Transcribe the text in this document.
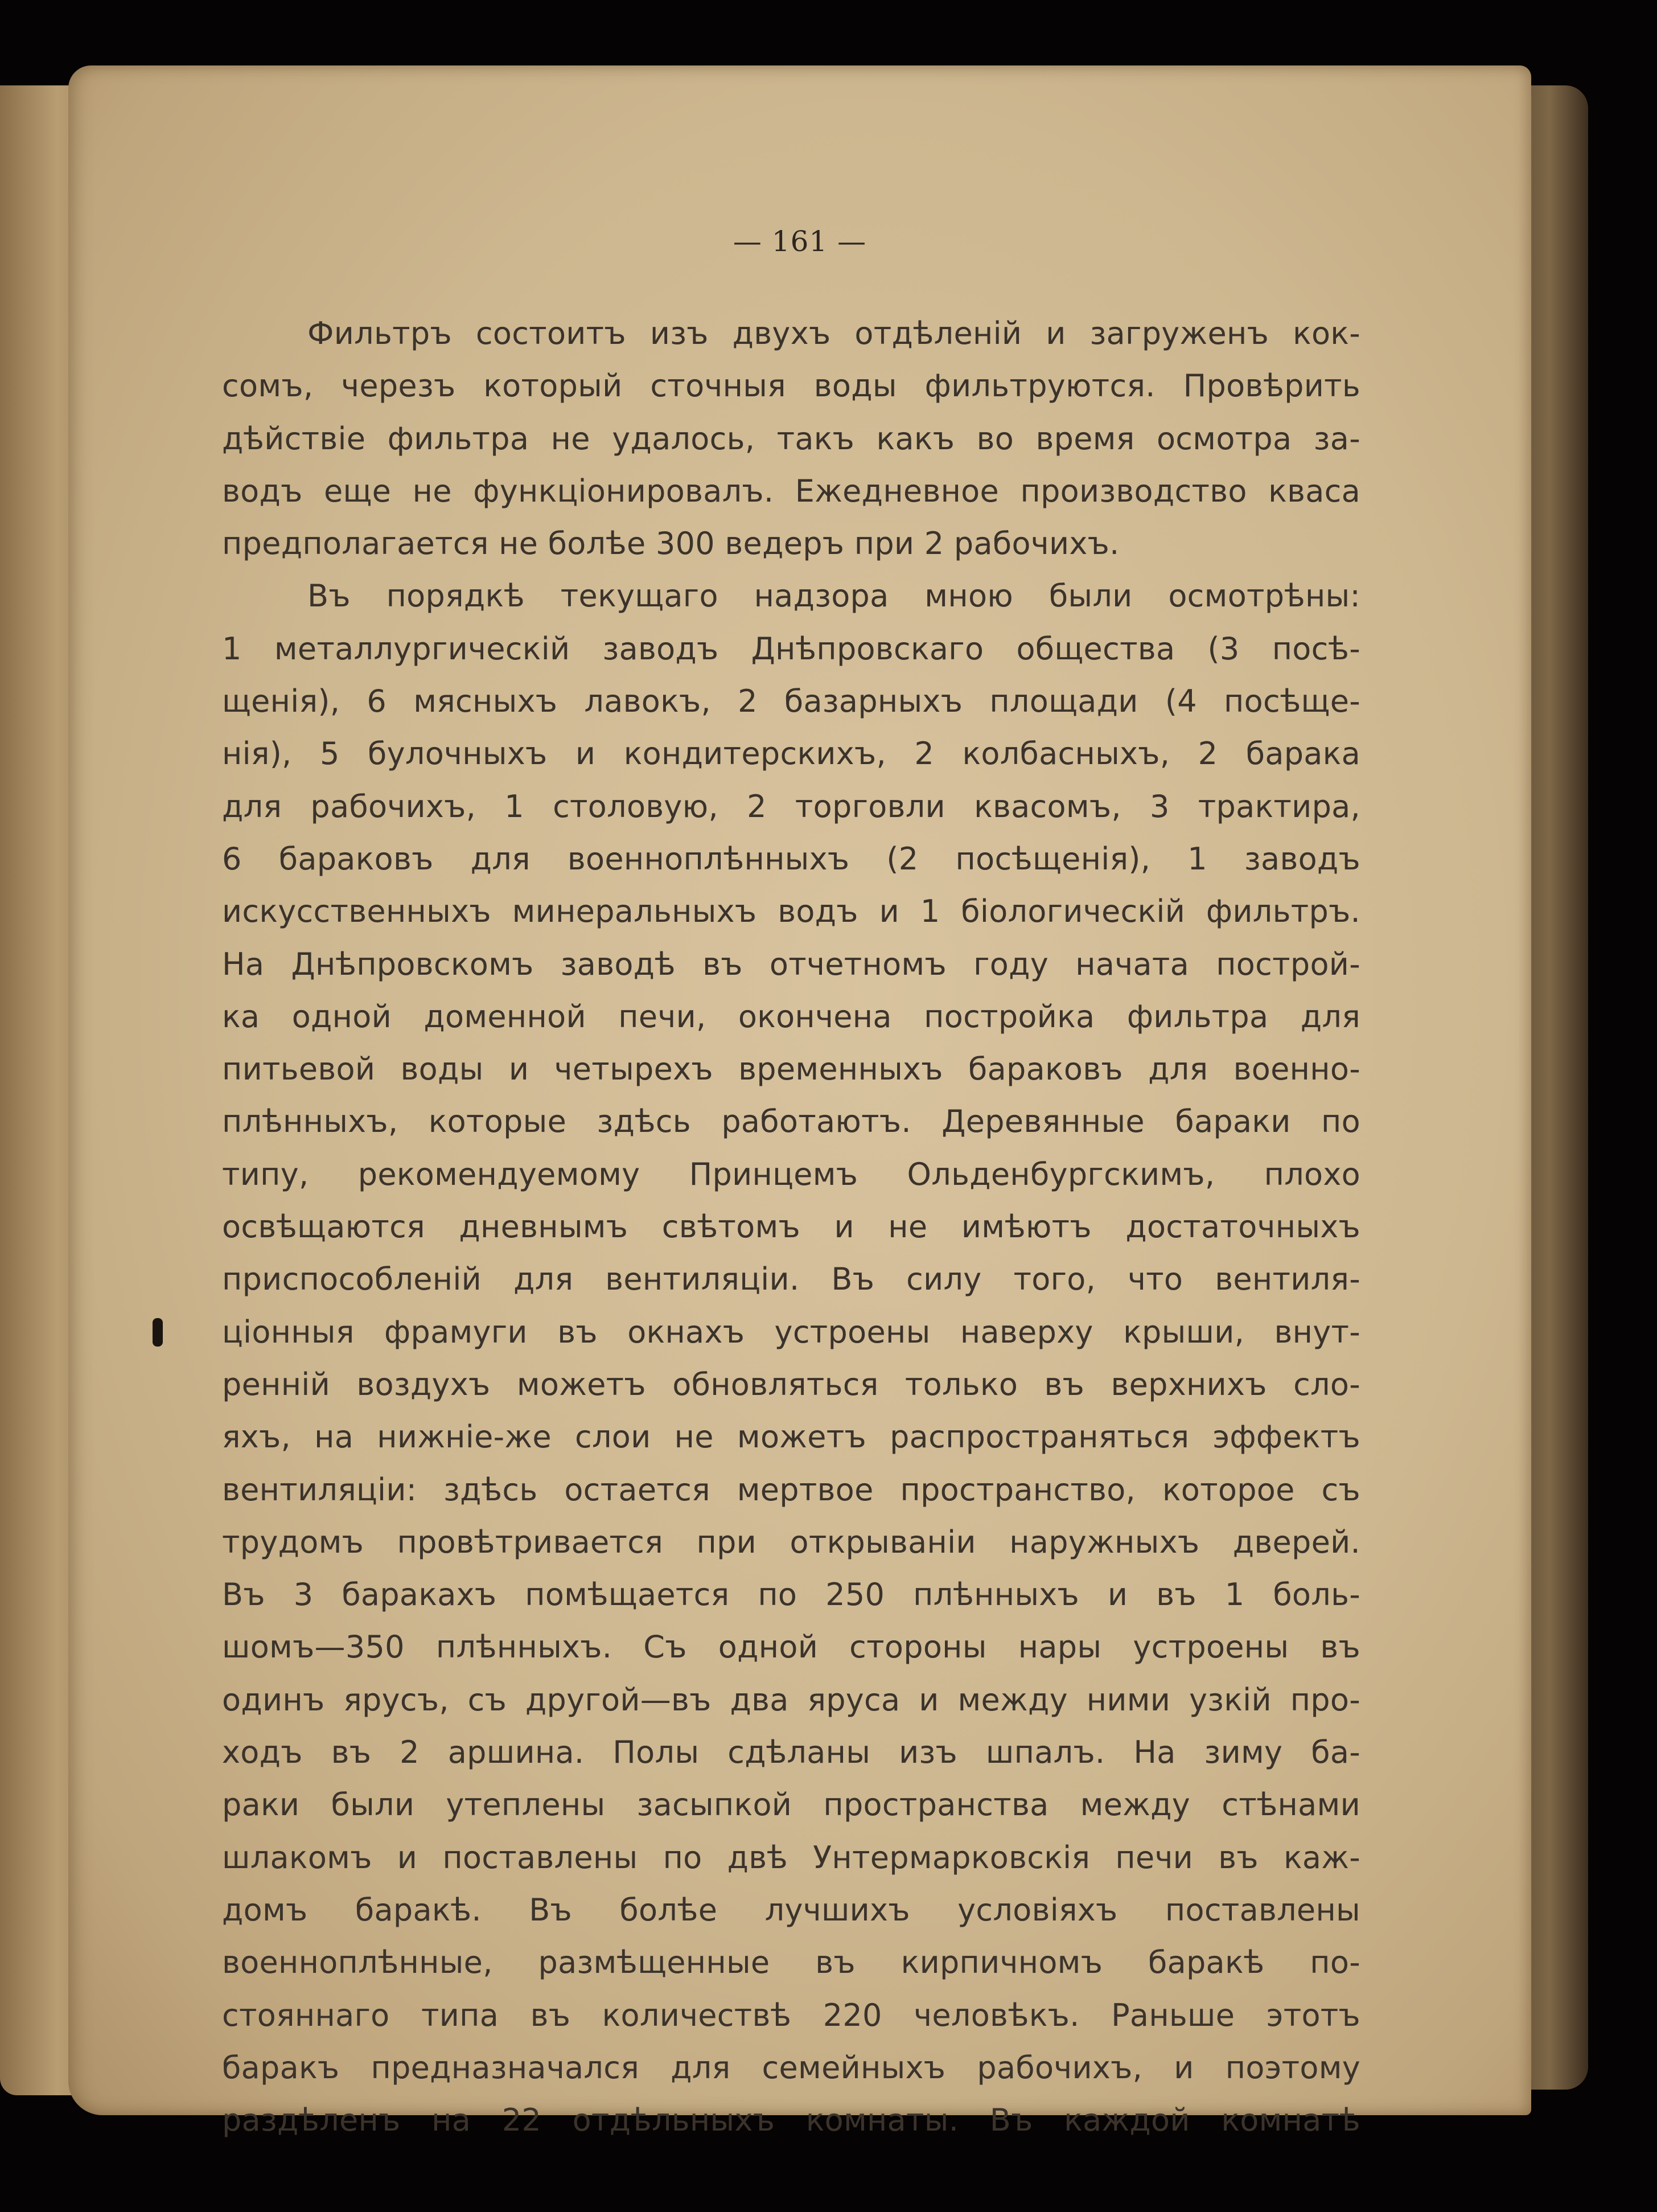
— 161 —
Фильтръ состоитъ изъ двухъ отдѣленій и загруженъ кок-
сомъ, черезъ который сточныя воды фильтруются. Провѣрить
дѣйствіе фильтра не удалось, такъ какъ во время осмотра за-
водъ еще не функціонировалъ. Ежедневное производство кваса
предполагается не болѣе 300 ведеръ при 2 рабочихъ.
Въ порядкѣ текущаго надзора мною были осмотрѣны:
1 металлургическій заводъ Днѣпровскаго общества (3 посѣ-
щенія), 6 мясныхъ лавокъ, 2 базарныхъ площади (4 посѣще-
нія), 5 булочныхъ и кондитерскихъ, 2 колбасныхъ, 2 барака
для рабочихъ, 1 столовую, 2 торговли квасомъ, 3 трактира,
6 бараковъ для военноплѣнныхъ (2 посѣщенія), 1 заводъ
искусственныхъ минеральныхъ водъ и 1 біологическій фильтръ.
На Днѣпровскомъ заводѣ въ отчетномъ году начата построй-
ка одной доменной печи, окончена постройка фильтра для
питьевой воды и четырехъ временныхъ бараковъ для военно-
плѣнныхъ, которые здѣсь работаютъ. Деревянные бараки по
типу, рекомендуемому Принцемъ Ольденбургскимъ, плохо
освѣщаются дневнымъ свѣтомъ и не имѣютъ достаточныхъ
приспособленій для вентиляціи. Въ силу того, что вентиля-
ціонныя фрамуги въ окнахъ устроены наверху крыши, внут-
ренній воздухъ можетъ обновляться только въ верхнихъ сло-
яхъ, на нижніе-же слои не можетъ распространяться эффектъ
вентиляціи: здѣсь остается мертвое пространство, которое съ
трудомъ провѣтривается при открываніи наружныхъ дверей.
Въ 3 баракахъ помѣщается по 250 плѣнныхъ и въ 1 боль-
шомъ—350 плѣнныхъ. Съ одной стороны нары устроены въ
одинъ ярусъ, съ другой—въ два яруса и между ними узкій про-
ходъ въ 2 аршина. Полы сдѣланы изъ шпалъ. На зиму ба-
раки были утеплены засыпкой пространства между стѣнами
шлакомъ и поставлены по двѣ Унтермарковскія печи въ каж-
домъ баракѣ. Въ болѣе лучшихъ условіяхъ поставлены
военноплѣнные, размѣщенные въ кирпичномъ баракѣ по-
стояннаго типа въ количествѣ 220 человѣкъ. Раньше этотъ
баракъ предназначался для семейныхъ рабочихъ, и поэтому
раздѣленъ на 22 отдѣльныхъ комнаты. Въ каждой комнатѣ
